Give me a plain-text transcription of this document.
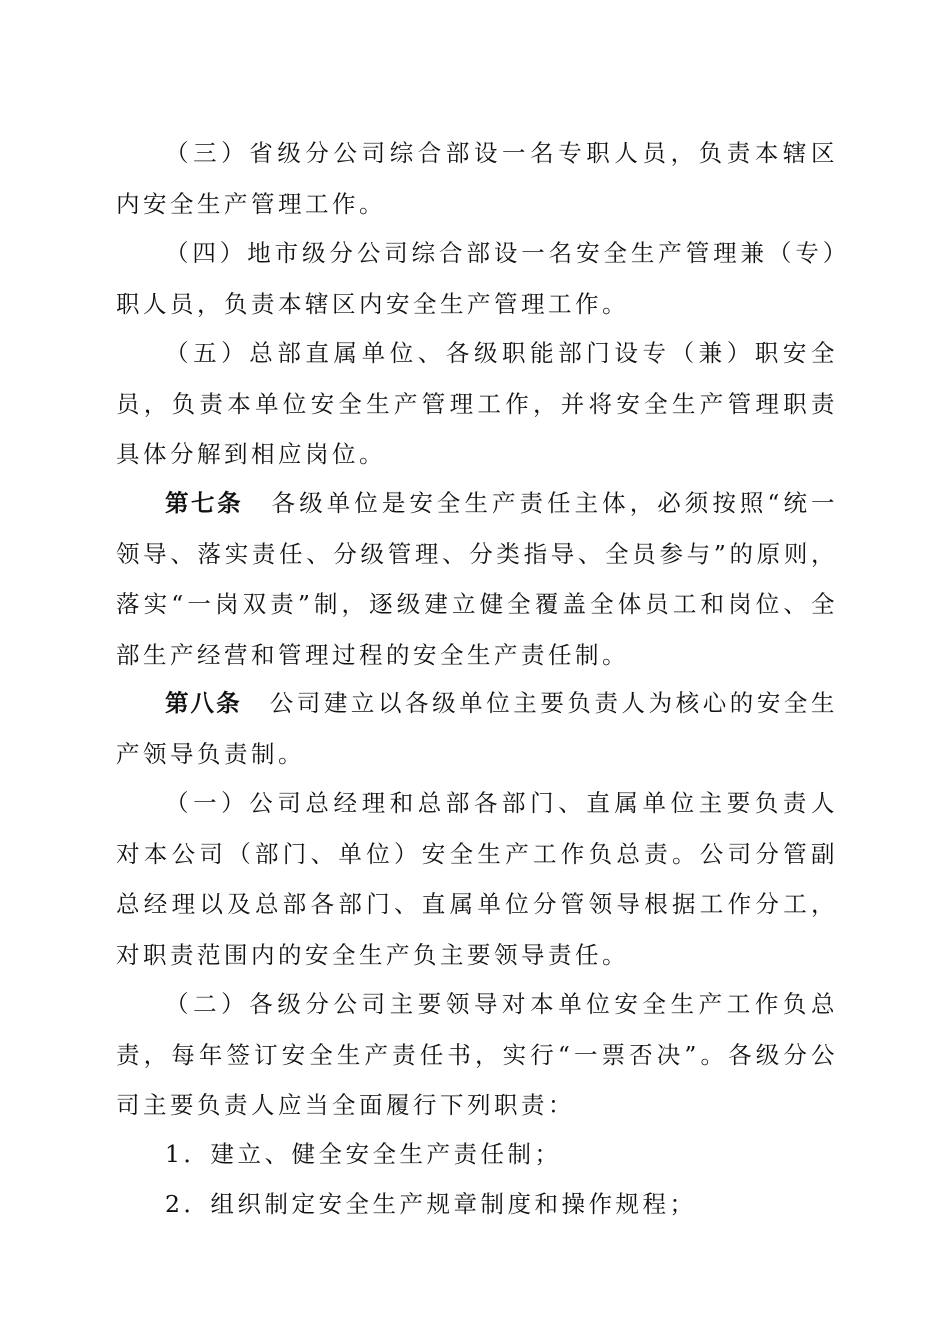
（三）省级分公司综合部设一名专职人员，负责本辖区内安全生产管理工作。

（四）地市级分公司综合部设一名安全生产管理兼（专）职人员，负责本辖区内安全生产管理工作。

（五）总部直属单位、各级职能部门设专（兼）职安全员，负责本单位安全生产管理工作，并将安全生产管理职责具体分解到相应岗位。

第七条 各级单位是安全生产责任主体，必须按照“统一领导、落实责任、分级管理、分类指导、全员参与”的原则，落实“一岗双责”制，逐级建立健全覆盖全体员工和岗位、全部生产经营和管理过程的安全生产责任制。

第八条 公司建立以各级单位主要负责人为核心的安全生产领导负责制。

（一）公司总经理和总部各部门、直属单位主要负责人对本公司（部门、单位）安全生产工作负总责。公司分管副总经理以及总部各部门、直属单位分管领导根据工作分工，对职责范围内的安全生产负主要领导责任。

（二）各级分公司主要领导对本单位安全生产工作负总责，每年签订安全生产责任书，实行“一票否决”。各级分公司主要负责人应当全面履行下列职责：

1．建立、健全安全生产责任制；

2．组织制定安全生产规章制度和操作规程；
